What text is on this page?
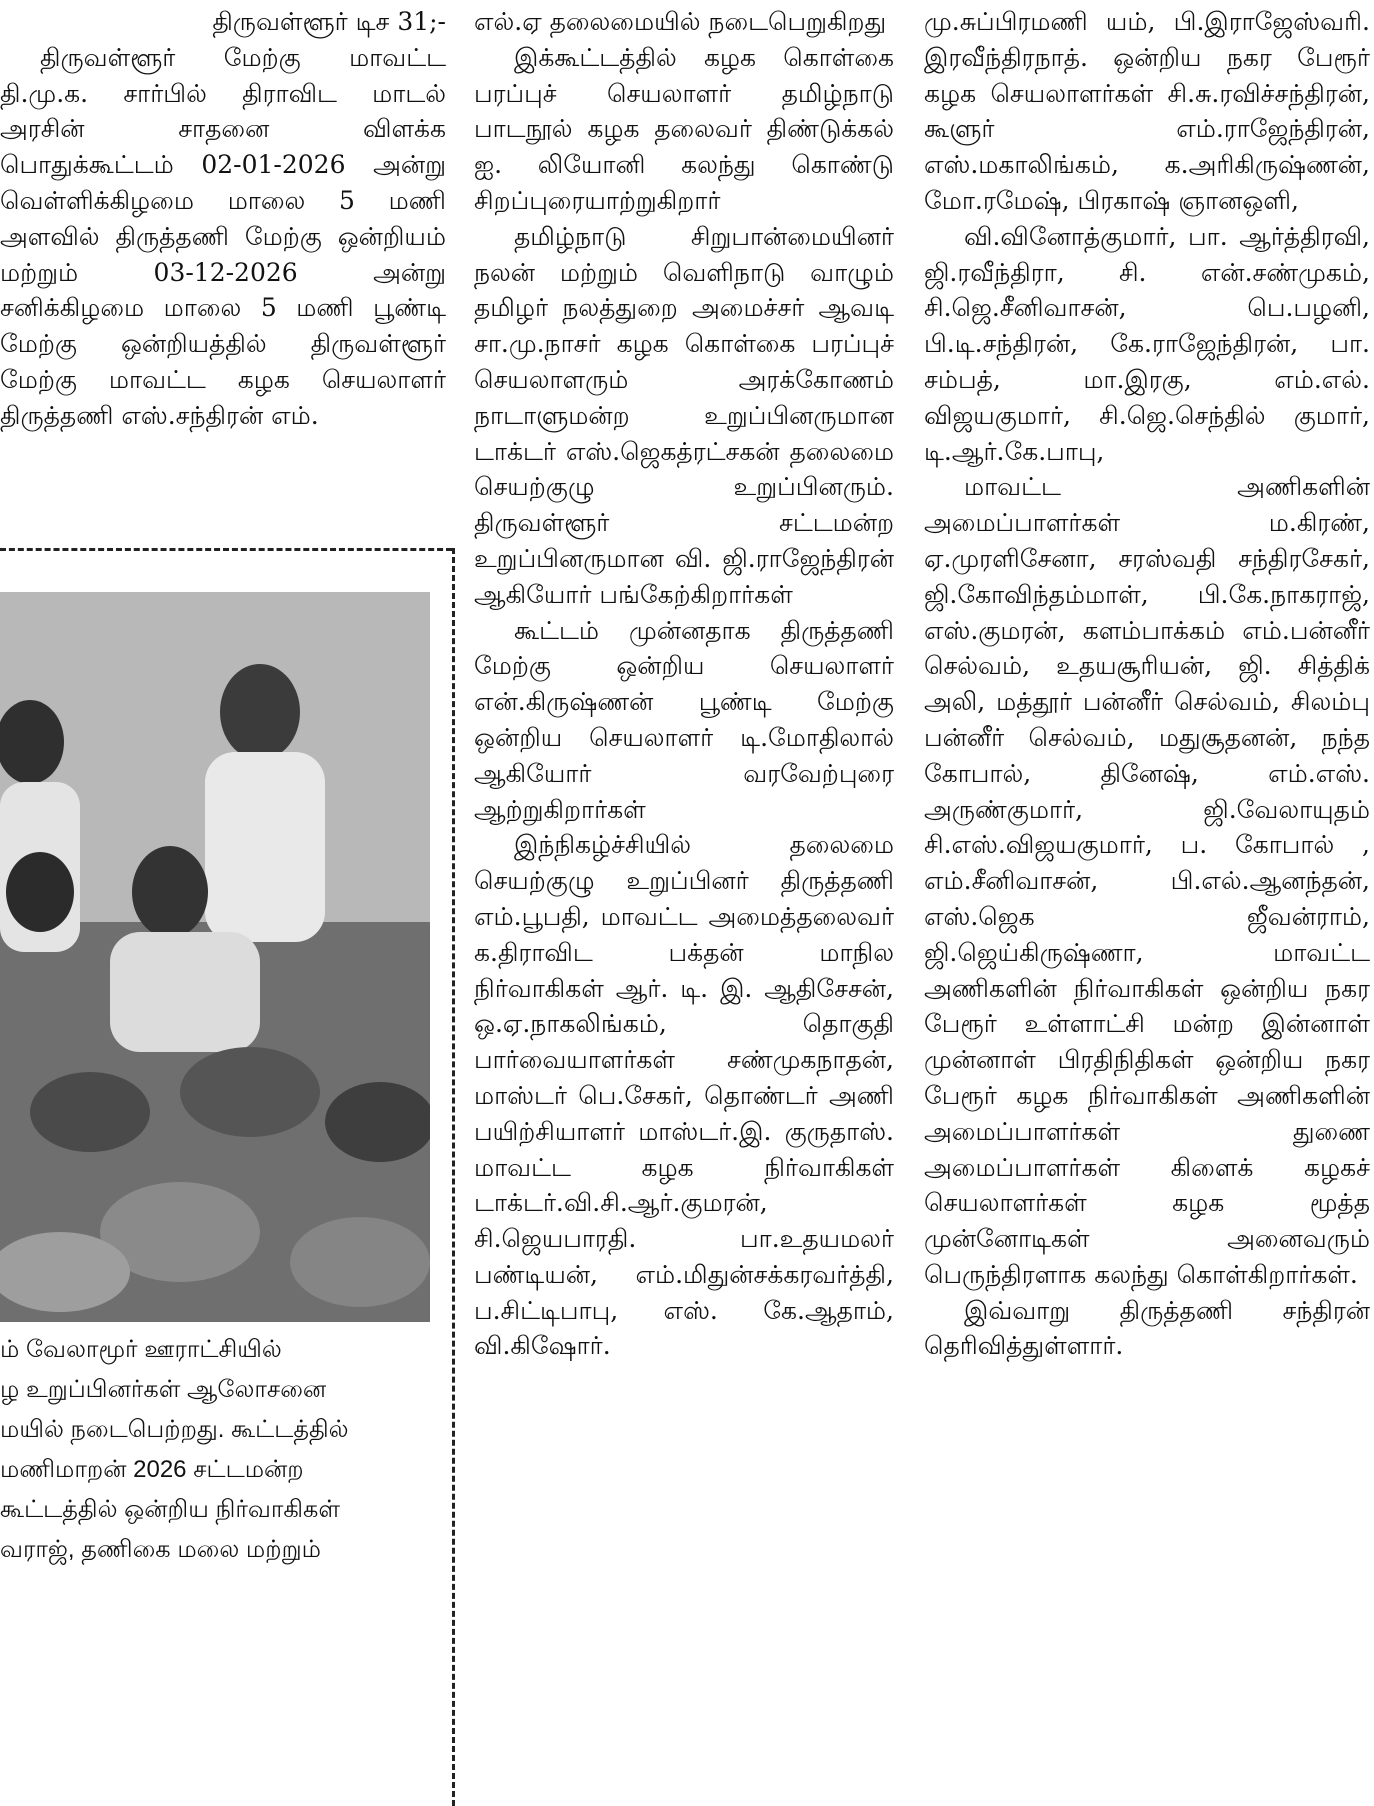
திருவள்ளூர் டிச 31;-

திருவள்ளூர் மேற்கு மாவட்ட தி.மு.க. சார்பில் திராவிட மாடல் அரசின் சாதனை விளக்க பொதுக்கூட்டம் 02-01-2026 அன்று வெள்ளிக்கிழமை மாலை 5 மணி அளவில் திருத்தணி மேற்கு ஒன்றியம் மற்றும் 03-12-2026 அன்று சனிக்கிழமை மாலை 5 மணி பூண்டி மேற்கு ஒன்றியத்தில் திருவள்ளூர் மேற்கு மாவட்ட கழக செயலாளர் திருத்தணி எஸ்.சந்திரன் எம்.

ம் வேலாமூர் ஊராட்சியில்

ழ உறுப்பினர்கள் ஆலோசனை

மயில் நடைபெற்றது. கூட்டத்தில்

மணிமாறன் 2026 சட்டமன்ற

கூட்டத்தில் ஒன்றிய நிர்வாகிகள்

வராஜ், தணிகை மலை மற்றும்

எல்.ஏ தலைமையில் நடைபெறுகிறது

இக்கூட்டத்தில் கழக கொள்கை பரப்புச் செயலாளர் தமிழ்நாடு பாடநூல் கழக தலைவர் திண்டுக்கல் ஐ. லியோனி கலந்து கொண்டு சிறப்புரையாற்றுகிறார்

தமிழ்நாடு சிறுபான்மையினர் நலன் மற்றும் வெளிநாடு வாழும் தமிழர் நலத்துறை அமைச்சர் ஆவடி சா.மு.நாசர் கழக கொள்கை பரப்புச் செயலாளரும் அரக்கோணம் நாடாளுமன்ற உறுப்பினருமான டாக்டர் எஸ்.ஜெகத்ரட்சகன் தலைமை செயற்குழு உறுப்பினரும். திருவள்ளூர் சட்டமன்ற உறுப்பினருமான வி. ஜி.ராஜேந்திரன் ஆகியோர் பங்கேற்கிறார்கள்

கூட்டம் முன்னதாக திருத்தணி மேற்கு ஒன்றிய செயலாளர் என்.கிருஷ்ணன் பூண்டி மேற்கு ஒன்றிய செயலாளர் டி.மோதிலால் ஆகியோர் வரவேற்புரை ஆற்றுகிறார்கள்

இந்நிகழ்ச்சியில் தலைமை செயற்குழு உறுப்பினர் திருத்தணி எம்.பூபதி, மாவட்ட அமைத்தலைவர் க.திராவிட பக்தன் மாநில நிர்வாகிகள் ஆர். டி. இ. ஆதிசேசன், ஒ.ஏ.நாகலிங்கம், தொகுதி பார்வையாளர்கள் சண்முகநாதன், மாஸ்டர் பெ.சேகர், தொண்டர் அணி பயிற்சியாளர் மாஸ்டர்.இ. குருதாஸ். மாவட்ட கழக நிர்வாகிகள் டாக்டர்.வி.சி.ஆர்.குமரன், சி.ஜெயபாரதி. பா.உதயமலர் பண்டியன், எம்.மிதுன்சக்கரவர்த்தி, ப.சிட்டிபாபு, எஸ். கே.ஆதாம், வி.கிஷோர்.

மு.சுப்பிரமணி யம், பி.இராஜேஸ்வரி. இரவீந்திரநாத். ஒன்றிய நகர பேரூர் கழக செயலாளர்கள் சி.சு.ரவிச்சந்திரன், கூளுர் எம்.ராஜேந்திரன், எஸ்.மகாலிங்கம், க.அரிகிருஷ்ணன், மோ.ரமேஷ், பிரகாஷ் ஞானஒளி,

வி.வினோத்குமார், பா. ஆர்த்திரவி, ஜி.ரவீந்திரா, சி. என்.சண்முகம், சி.ஜெ.சீனிவாசன், பெ.பழனி, பி.டி.சந்திரன், கே.ராஜேந்திரன், பா. சம்பத், மா.இரகு, எம்.எல். விஜயகுமார், சி.ஜெ.செந்தில் குமார், டி.ஆர்.கே.பாபு,

மாவட்ட அணிகளின் அமைப்பாளர்கள் ம.கிரண், ஏ.முரளிசேனா, சரஸ்வதி சந்திரசேகர், ஜி.கோவிந்தம்மாள், பி.கே.நாகராஜ், எஸ்.குமரன், களம்பாக்கம் எம்.பன்னீர் செல்வம், உதயசூரியன், ஜி. சித்திக் அலி, மத்தூர் பன்னீர் செல்வம், சிலம்பு பன்னீர் செல்வம், மதுசூதனன், நந்த கோபால், தினேஷ், எம்.எஸ். அருண்குமார், ஜி.வேலாயுதம் சி.எஸ்.விஜயகுமார், ப. கோபால் , எம்.சீனிவாசன், பி.எல்.ஆனந்தன், எஸ்.ஜெக ஜீவன்ராம், ஜி.ஜெய்கிருஷ்ணா, மாவட்ட அணிகளின் நிர்வாகிகள் ஒன்றிய நகர பேரூர் உள்ளாட்சி மன்ற இன்னாள் முன்னாள் பிரதிநிதிகள் ஒன்றிய நகர பேரூர் கழக நிர்வாகிகள் அணிகளின் அமைப்பாளர்கள் துணை அமைப்பாளர்கள் கிளைக் கழகச் செயலாளர்கள் கழக மூத்த முன்னோடிகள் அனைவரும் பெருந்திரளாக கலந்து கொள்கிறார்கள்.

இவ்வாறு திருத்தணி சந்திரன் தெரிவித்துள்ளார்.
